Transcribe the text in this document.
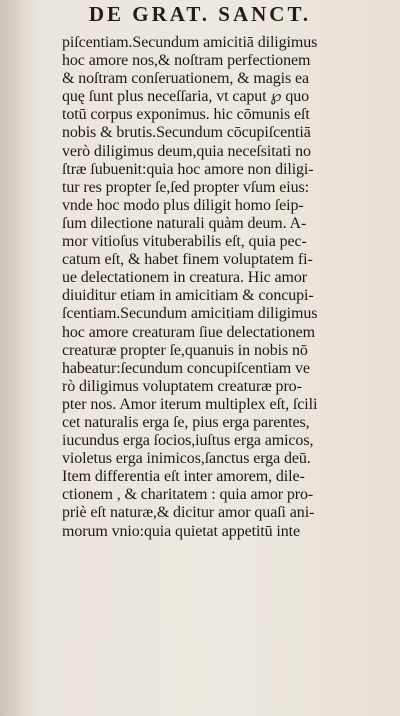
DE GRAT. SANCT.
piſcentiam.Secundum amicitiā diligimus
hoc amore nos,& noſtram perfectionem
& noſtram conſeruationem, & magis ea
quę ſunt plus neceſſaria, vt caput ℘ quo
totū corpus exponimus. hic cōmunis eſt
nobis & brutis.Secundum cōcupiſcentiā
verò diligimus deum,quia neceſsitati no
ſtræ ſubuenit:quia hoc amore non diligi-
tur res propter ſe,ſed propter vſum eius:
vnde hoc modo plus diligit homo ſeip-
ſum dilectione naturali quàm deum. A-
mor vitioſus vituberabilis eſt, quia pec-
catum eſt, & habet finem voluptatem fi-
ue delectationem in creatura. Hic amor
diuiditur etiam in amicitiam & concupi-
ſcentiam.Secundum amicitiam diligimus
hoc amore creaturam ſiue delectationem
creaturæ propter ſe,quanuis in nobis nō
habeatur:ſecundum concupiſcentiam ve
rò diligimus voluptatem creaturæ pro-
pter nos. Amor iterum multiplex eſt, ſcili
cet naturalis erga ſe, pius erga parentes,
iucundus erga ſocios,iuſtus erga amicos,
violetus erga inimicos,ſanctus erga deū.
Item differentia eſt inter amorem, dile-
ctionem , & charitatem : quia amor pro-
priè eſt naturæ,& dicitur amor quaſi ani-
morum vnio:quia quietat appetitū inte
